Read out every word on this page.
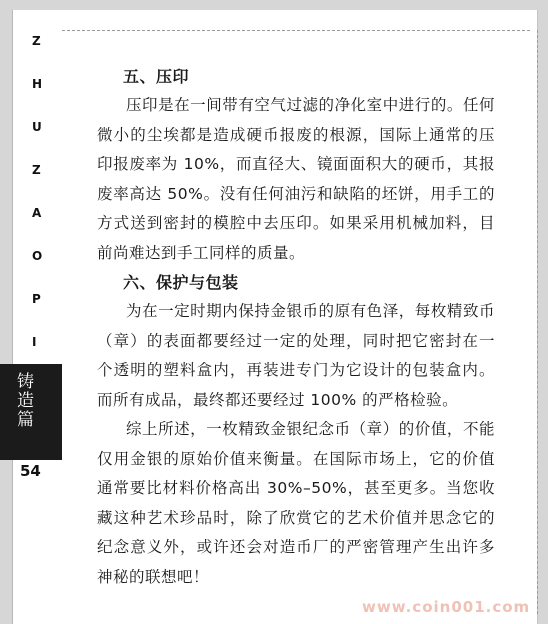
Z
H
U
Z
A
O
P
I
铸造篇
54
五、压印

压印是在一间带有空气过滤的净化室中进行的。任何微小的尘埃都是造成硬币报废的根源，国际上通常的压印报废率为 10%，而直径大、镜面面积大的硬币，其报废率高达 50%。没有任何油污和缺陷的坯饼，用手工的方式送到密封的模腔中去压印。如果采用机械加料，目前尚难达到手工同样的质量。

六、保护与包装

为在一定时期内保持金银币的原有色泽，每枚精致币（章）的表面都要经过一定的处理，同时把它密封在一个透明的塑料盒内，再装进专门为它设计的包装盒内。而所有成品，最终都还要经过 100% 的严格检验。

综上所述，一枚精致金银纪念币（章）的价值，不能仅用金银的原始价值来衡量。在国际市场上，它的价值通常要比材料价格高出 30%–50%，甚至更多。当您收藏这种艺术珍品时，除了欣赏它的艺术价值并思念它的纪念意义外，或许还会对造币厂的严密管理产生出许多神秘的联想吧！

www.coin001.com
